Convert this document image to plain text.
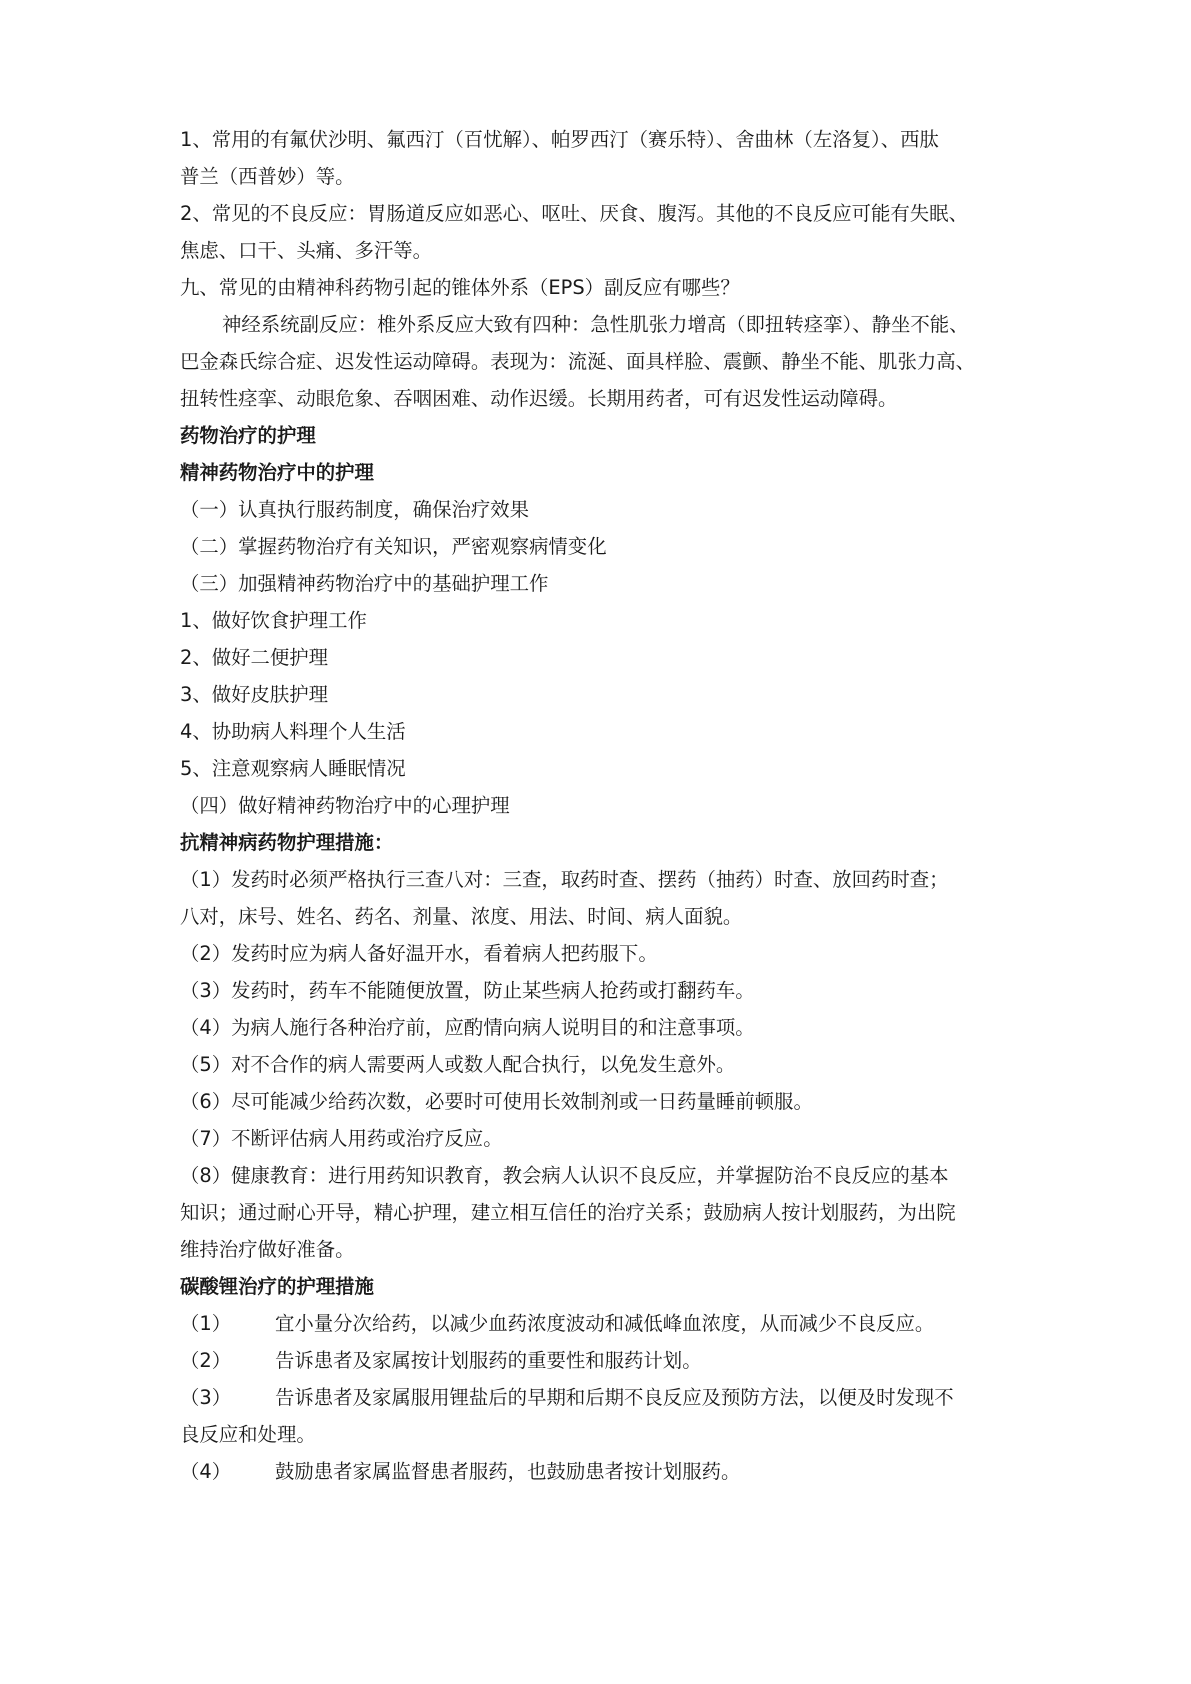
1、常用的有氟伏沙明、氟西汀（百忧解）、帕罗西汀（赛乐特）、舍曲林（左洛复）、西肽
普兰（西普妙）等。
2、常见的不良反应：胃肠道反应如恶心、呕吐、厌食、腹泻。其他的不良反应可能有失眠、
焦虑、口干、头痛、多汗等。
九、常见的由精神科药物引起的锥体外系（EPS）副反应有哪些？
神经系统副反应：椎外系反应大致有四种：急性肌张力增高（即扭转痉挛）、静坐不能、
巴金森氏综合症、迟发性运动障碍。表现为：流涎、面具样脸、震颤、静坐不能、肌张力高、
扭转性痉挛、动眼危象、吞咽困难、动作迟缓。长期用药者，可有迟发性运动障碍。
药物治疗的护理
精神药物治疗中的护理
（一）认真执行服药制度，确保治疗效果
（二）掌握药物治疗有关知识，严密观察病情变化
（三）加强精神药物治疗中的基础护理工作
1、做好饮食护理工作
2、做好二便护理
3、做好皮肤护理
4、协助病人料理个人生活
5、注意观察病人睡眠情况
（四）做好精神药物治疗中的心理护理
抗精神病药物护理措施：
（1）发药时必须严格执行三查八对：三查，取药时查、摆药（抽药）时查、放回药时查；
八对，床号、姓名、药名、剂量、浓度、用法、时间、病人面貌。
（2）发药时应为病人备好温开水，看着病人把药服下。
（3）发药时，药车不能随便放置，防止某些病人抢药或打翻药车。
（4）为病人施行各种治疗前，应酌情向病人说明目的和注意事项。
（5）对不合作的病人需要两人或数人配合执行，以免发生意外。
（6）尽可能减少给药次数，必要时可使用长效制剂或一日药量睡前顿服。
（7）不断评估病人用药或治疗反应。
（8）健康教育：进行用药知识教育，教会病人认识不良反应，并掌握防治不良反应的基本
知识；通过耐心开导，精心护理，建立相互信任的治疗关系；鼓励病人按计划服药，为出院
维持治疗做好准备。
碳酸锂治疗的护理措施
（1） 宜小量分次给药，以减少血药浓度波动和减低峰血浓度，从而减少不良反应。
（2） 告诉患者及家属按计划服药的重要性和服药计划。
（3） 告诉患者及家属服用锂盐后的早期和后期不良反应及预防方法，以便及时发现不
良反应和处理。
（4） 鼓励患者家属监督患者服药，也鼓励患者按计划服药。
